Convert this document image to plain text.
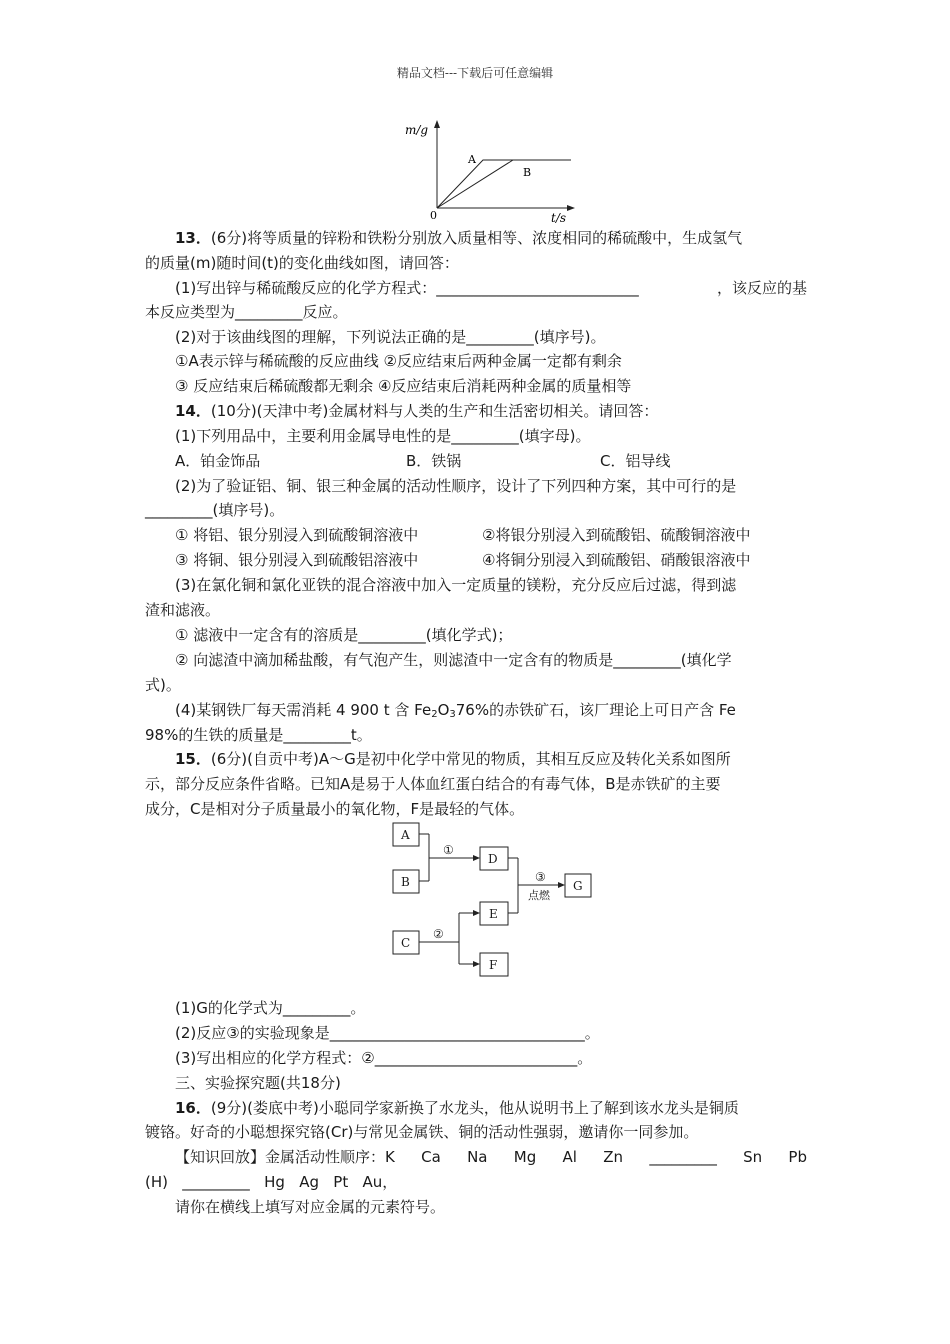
精品文档---下载后可任意编辑
m/g
t/s
0
A
B
13．(6分)将等质量的锌粉和铁粉分别放入质量相等、浓度相同的稀硫酸中，生成氢气
的质量(m)随时间(t)的变化曲线如图，请回答：
(1)写出锌与稀硫酸反应的化学方程式：___________________________	，该反应的基
本反应类型为_________反应。
(2)对于该曲线图的理解，下列说法正确的是_________(填序号)。
①A表示锌与稀硫酸的反应曲线 ②反应结束后两种金属一定都有剩余
③ 反应结束后稀硫酸都无剩余 ④反应结束后消耗两种金属的质量相等
14．(10分)(天津中考)金属材料与人类的生产和生活密切相关。请回答：
(1)下列用品中，主要利用金属导电性的是_________(填字母)。
A．铂金饰品	B．铁锅	C．铝导线
(2)为了验证铝、铜、银三种金属的活动性顺序，设计了下列四种方案，其中可行的是
_________(填序号)。
① 将铝、银分别浸入到硫酸铜溶液中	②将银分别浸入到硫酸铝、硫酸铜溶液中
③ 将铜、银分别浸入到硫酸铝溶液中	④将铜分别浸入到硫酸铝、硝酸银溶液中
(3)在氯化铜和氯化亚铁的混合溶液中加入一定质量的镁粉，充分反应后过滤，得到滤
渣和滤液。
① 滤液中一定含有的溶质是_________(填化学式)；
② 向滤渣中滴加稀盐酸，有气泡产生，则滤渣中一定含有的物质是_________(填化学
式)。
(4)某钢铁厂每天需消耗 4 900 t 含 $Fe_2O_376\%$的赤铁矿石，该厂理论上可日产含 Fe
98%的生铁的质量是_________t。
15．(6分)(自贡中考)A～G是初中化学中常见的物质，其相互反应及转化关系如图所
示，部分反应条件省略。已知A是易于人体血红蛋白结合的有毒气体，B是赤铁矿的主要
成分，C是相对分子质量最小的氧化物，F是最轻的气体。
A
B
D
G
E
C
F
①
②
③
点燃
(1)G的化学式为_________。
(2)反应③的实验现象是__________________________________。
(3)写出相应的化学方程式：②___________________________。
三、实验探究题(共18分)
16．(9分)(娄底中考)小聪同学家新换了水龙头，他从说明书上了解到该水龙头是铜质
镀铬。好奇的小聪想探究铬(Cr)与常见金属铁、铜的活动性强弱，邀请你一同参加。
【知识回放】金属活动性顺序：K Ca Na Mg Al Zn _________ Sn Pb
(H)   _________   Hg   Ag   Pt   Au，
请你在横线上填写对应金属的元素符号。
